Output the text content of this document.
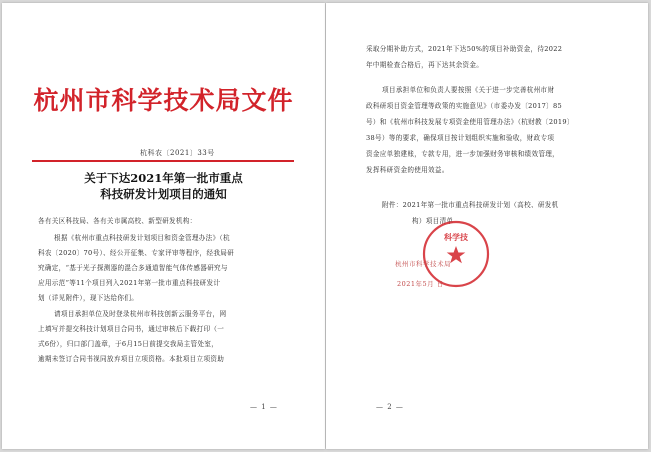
杭州市科学技术局文件
杭科农〔2021〕33号
关于下达2021年第一批市重点
科技研发计划项目的通知
各有关区科技局、各有关市属高校、新型研发机构：
根据《杭州市重点科技研发计划项目和资金管理办法》（杭
科农〔2020〕70号）、经公开征集、专家评审等程序，经我局研
究确定，“基于光子探测器的混合多通道智能气体传感器研究与
应用示范”等11个项目列入2021年第一批市重点科技研发计
划（详见附件），现下达给你们。
请项目承担单位及时登录杭州市科技创新云服务平台，网
上填写并提交科技计划项目合同书，通过审核后下载打印（一
式6份），归口部门盖章，于6月15日前提交我局主管处室，
逾期未签订合同书视同放弃项目立项资格。本批项目立项资助
— 1 —
采取分期补助方式，2021年下达50%的项目补助资金，待2022
年中期检查合格后，再下达其余资金。
项目承担单位和负责人要按照《关于进一步完善杭州市财
政科研项目资金管理等政策的实施意见》（市委办发〔2017〕85
号）和《杭州市科技发展专项资金使用管理办法》（杭财教〔2019〕
38号）等的要求，确保项目按计划组织实施和验收，财政专项
资金应单独建账，专款专用，进一步加强财务审核和绩效管理，
发挥科研资金的使用效益。
附件：2021年第一批市重点科技研发计划（高校、研发机
构）项目清单
科学技
杭州市科学技术局
2021年5月 日
— 2 —
